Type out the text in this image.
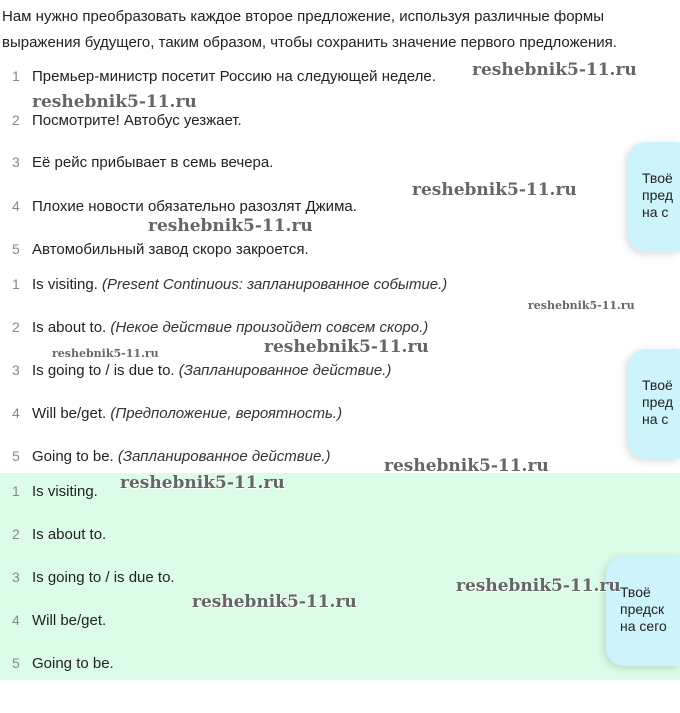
Нам нужно преобразовать каждое второе предложение, используя различные формы выражения будущего, таким образом, чтобы сохранить значение первого предложения.
1 Премьер-министр посетит Россию на следующей неделе.
2 Посмотрите! Автобус уезжает.
3 Её рейс прибывает в семь вечера.
4 Плохие новости обязательно разозлят Джима.
5 Автомобильный завод скоро закроется.
1 Is visiting. (Present Continuous: запланированное событие.)
2 Is about to. (Некое действие произойдет совсем скоро.)
3 Is going to / is due to. (Запланированное действие.)
4 Will be/get. (Предположение, вероятность.)
5 Going to be. (Запланированное действие.)
1 Is visiting.
2 Is about to.
3 Is going to / is due to.
4 Will be/get.
5 Going to be.
Твоё
пред
на с
Твоё
пред
на с
Твоё
предск
на сего
reshebnik5-11.ru
reshebnik5-11.ru
reshebnik5-11.ru
reshebnik5-11.ru
reshebnik5-11.ru
reshebnik5-11.ru
reshebnik5-11.ru
reshebnik5-11.ru
reshebnik5-11.ru
reshebnik5-11.ru
reshebnik5-11.ru
